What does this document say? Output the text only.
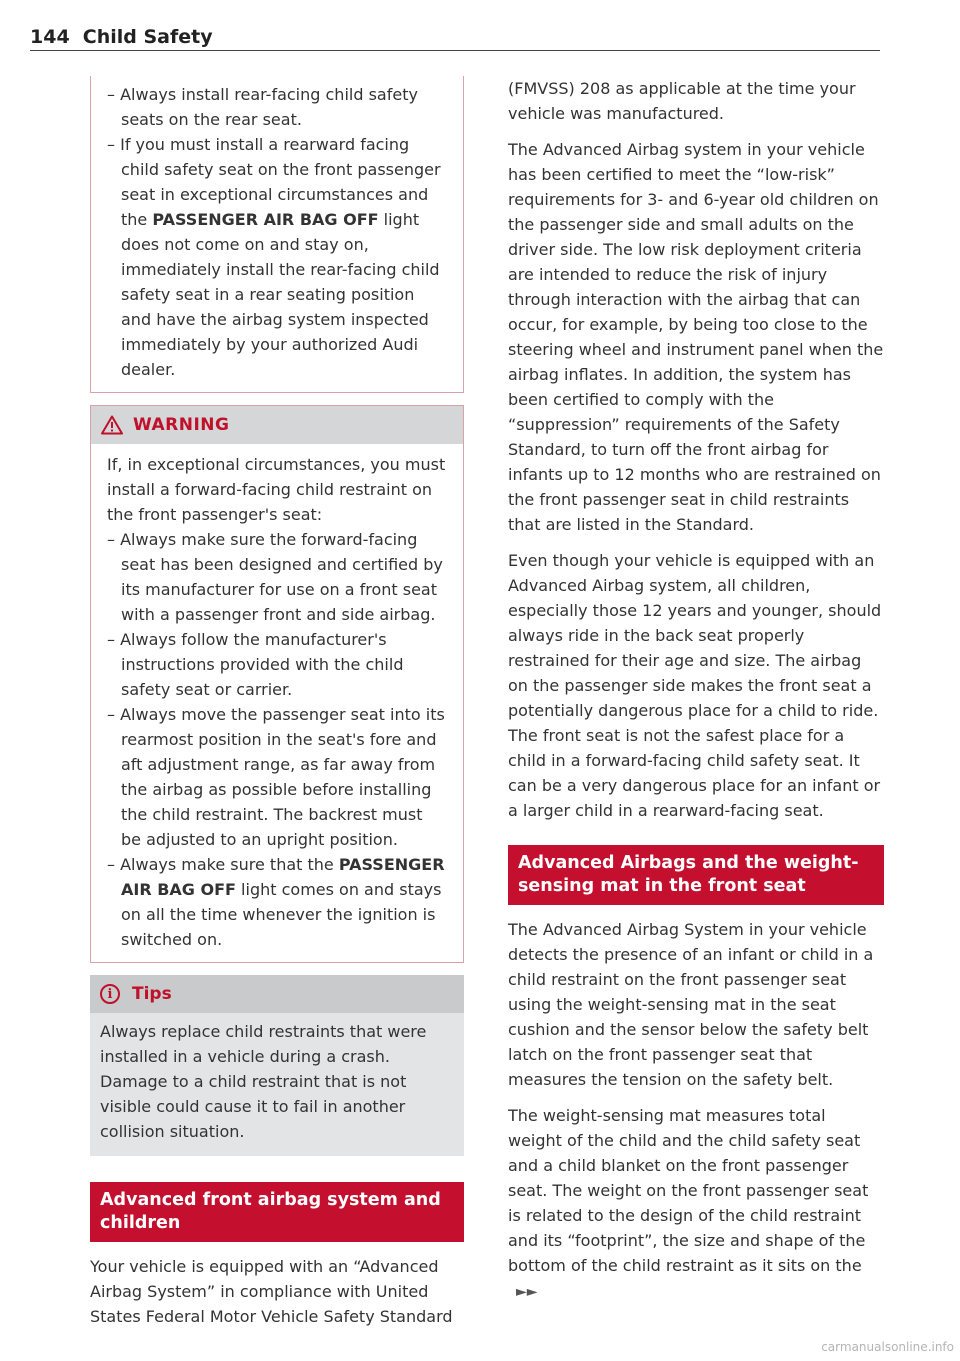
144 Child Safety
– Always install rear-facing child safety seats on the rear seat.
– If you must install a rearward facing child safety seat on the front passenger seat in exceptional circumstances and the PASSENGER AIR BAG OFF light does not come on and stay on, immediately install the rear-facing child safety seat in a rear seating position and have the airbag system inspected immediately by your authorized Audi dealer.
WARNING

If, in exceptional circumstances, you must install a forward-facing child restraint on the front passenger's seat:

– Always make sure the forward-facing seat has been designed and certified by its manufacturer for use on a front seat with a passenger front and side airbag.
– Always follow the manufacturer's instructions provided with the child safety seat or carrier.
– Always move the passenger seat into its rearmost position in the seat's fore and aft adjustment range, as far away from the airbag as possible before installing the child restraint. The backrest must be adjusted to an upright position.
– Always make sure that the PASSENGER AIR BAG OFF light comes on and stays on all the time whenever the ignition is switched on.
i	Tips

Always replace child restraints that were installed in a vehicle during a crash. Damage to a child restraint that is not visible could cause it to fail in another collision situation.

Advanced front airbag system and children

Your vehicle is equipped with an “Advanced Airbag System” in compliance with United States Federal Motor Vehicle Safety Standard

(FMVSS) 208 as applicable at the time your vehicle was manufactured.

The Advanced Airbag system in your vehicle has been certified to meet the “low-risk” requirements for 3- and 6-year old children on the passenger side and small adults on the driver side. The low risk deployment criteria are intended to reduce the risk of injury through interaction with the airbag that can occur, for example, by being too close to the steering wheel and instrument panel when the airbag inflates. In addition, the system has been certified to comply with the “suppression” requirements of the Safety Standard, to turn off the front airbag for infants up to 12 months who are restrained on the front passenger seat in child restraints that are listed in the Standard.

Even though your vehicle is equipped with an Advanced Airbag system, all children, especially those 12 years and younger, should always ride in the back seat properly restrained for their age and size. The airbag on the passenger side makes the front seat a potentially dangerous place for a child to ride. The front seat is not the safest place for a child in a forward-facing child safety seat. It can be a very dangerous place for an infant or a larger child in a rearward-facing seat.

Advanced Airbags and the weight-sensing mat in the front seat

The Advanced Airbag System in your vehicle detects the presence of an infant or child in a child restraint on the front passenger seat using the weight-sensing mat in the seat cushion and the sensor below the safety belt latch on the front passenger seat that measures the tension on the safety belt.

The weight-sensing mat measures total weight of the child and the child safety seat and a child blanket on the front passenger seat. The weight on the front passenger seat is related to the design of the child restraint and its “footprint”, the size and shape of the bottom of the child restraint as it sits on the►►

carmanualsonline.info
